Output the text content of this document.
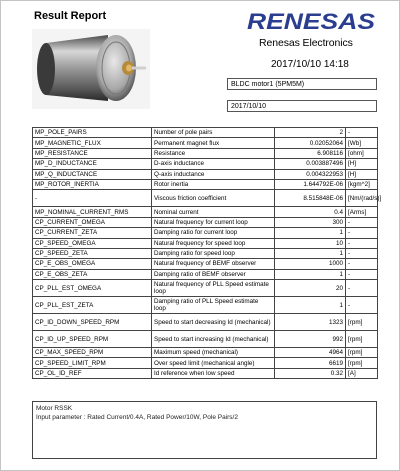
Result Report	RENESAS
Renesas Electronics
2017/10/10 14:18
BLDC motor1 (5PM5M)
2017/10/10
MP_POLE_PAIRS	Number of pole pairs	2	-
MP_MAGNETIC_FLUX	Permanent magnet flux	0.02052064	[Wb]
MP_RESISTANCE	Resistance	6.908116	[ohm]
MP_D_INDUCTANCE	D-axis inductance	0.003887496	[H]
MP_Q_INDUCTANCE	Q-axis inductance	0.004322953	[H]
MP_ROTOR_INERTIA	Rotor inertia	1.644792E-06	[kgm^2]
-	Viscous friction coefficient	8.515848E-06	[Nm/(rad/s)]
MP_NOMINAL_CURRENT_RMS	Nominal current	0.4	[Arms]
CP_CURRENT_OMEGA	Natural frequency for current loop	300	-
CP_CURRENT_ZETA	Damping ratio for current loop	1	-
CP_SPEED_OMEGA	Natural frequency for speed loop	10	-
CP_SPEED_ZETA	Damping ratio for speed loop	1	-
CP_E_OBS_OMEGA	Natural frequency of BEMF observer	1000	-
CP_E_OBS_ZETA	Damping ratio of BEMF observer	1	-
CP_PLL_EST_OMEGA	Natural frequency of PLL Speed estimate loop	20	-
CP_PLL_EST_ZETA	Damping ratio of PLL Speed estimate loop	1	-
CP_ID_DOWN_SPEED_RPM	Speed to start decreasing Id (mechanical)	1323	[rpm]
CP_ID_UP_SPEED_RPM	Speed to start increasing Id (mechanical)	992	[rpm]
CP_MAX_SPEED_RPM	Maximum speed (mechanical)	4964	[rpm]
CP_SPEED_LIMIT_RPM	Over speed limit (mechanical angle)	6619	[rpm]
CP_OL_ID_REF	Id reference when low speed	0.32	[A]
Motor RSSK
Input parameter : Rated Current/0.4A, Rated Power/10W, Pole Pairs/2
